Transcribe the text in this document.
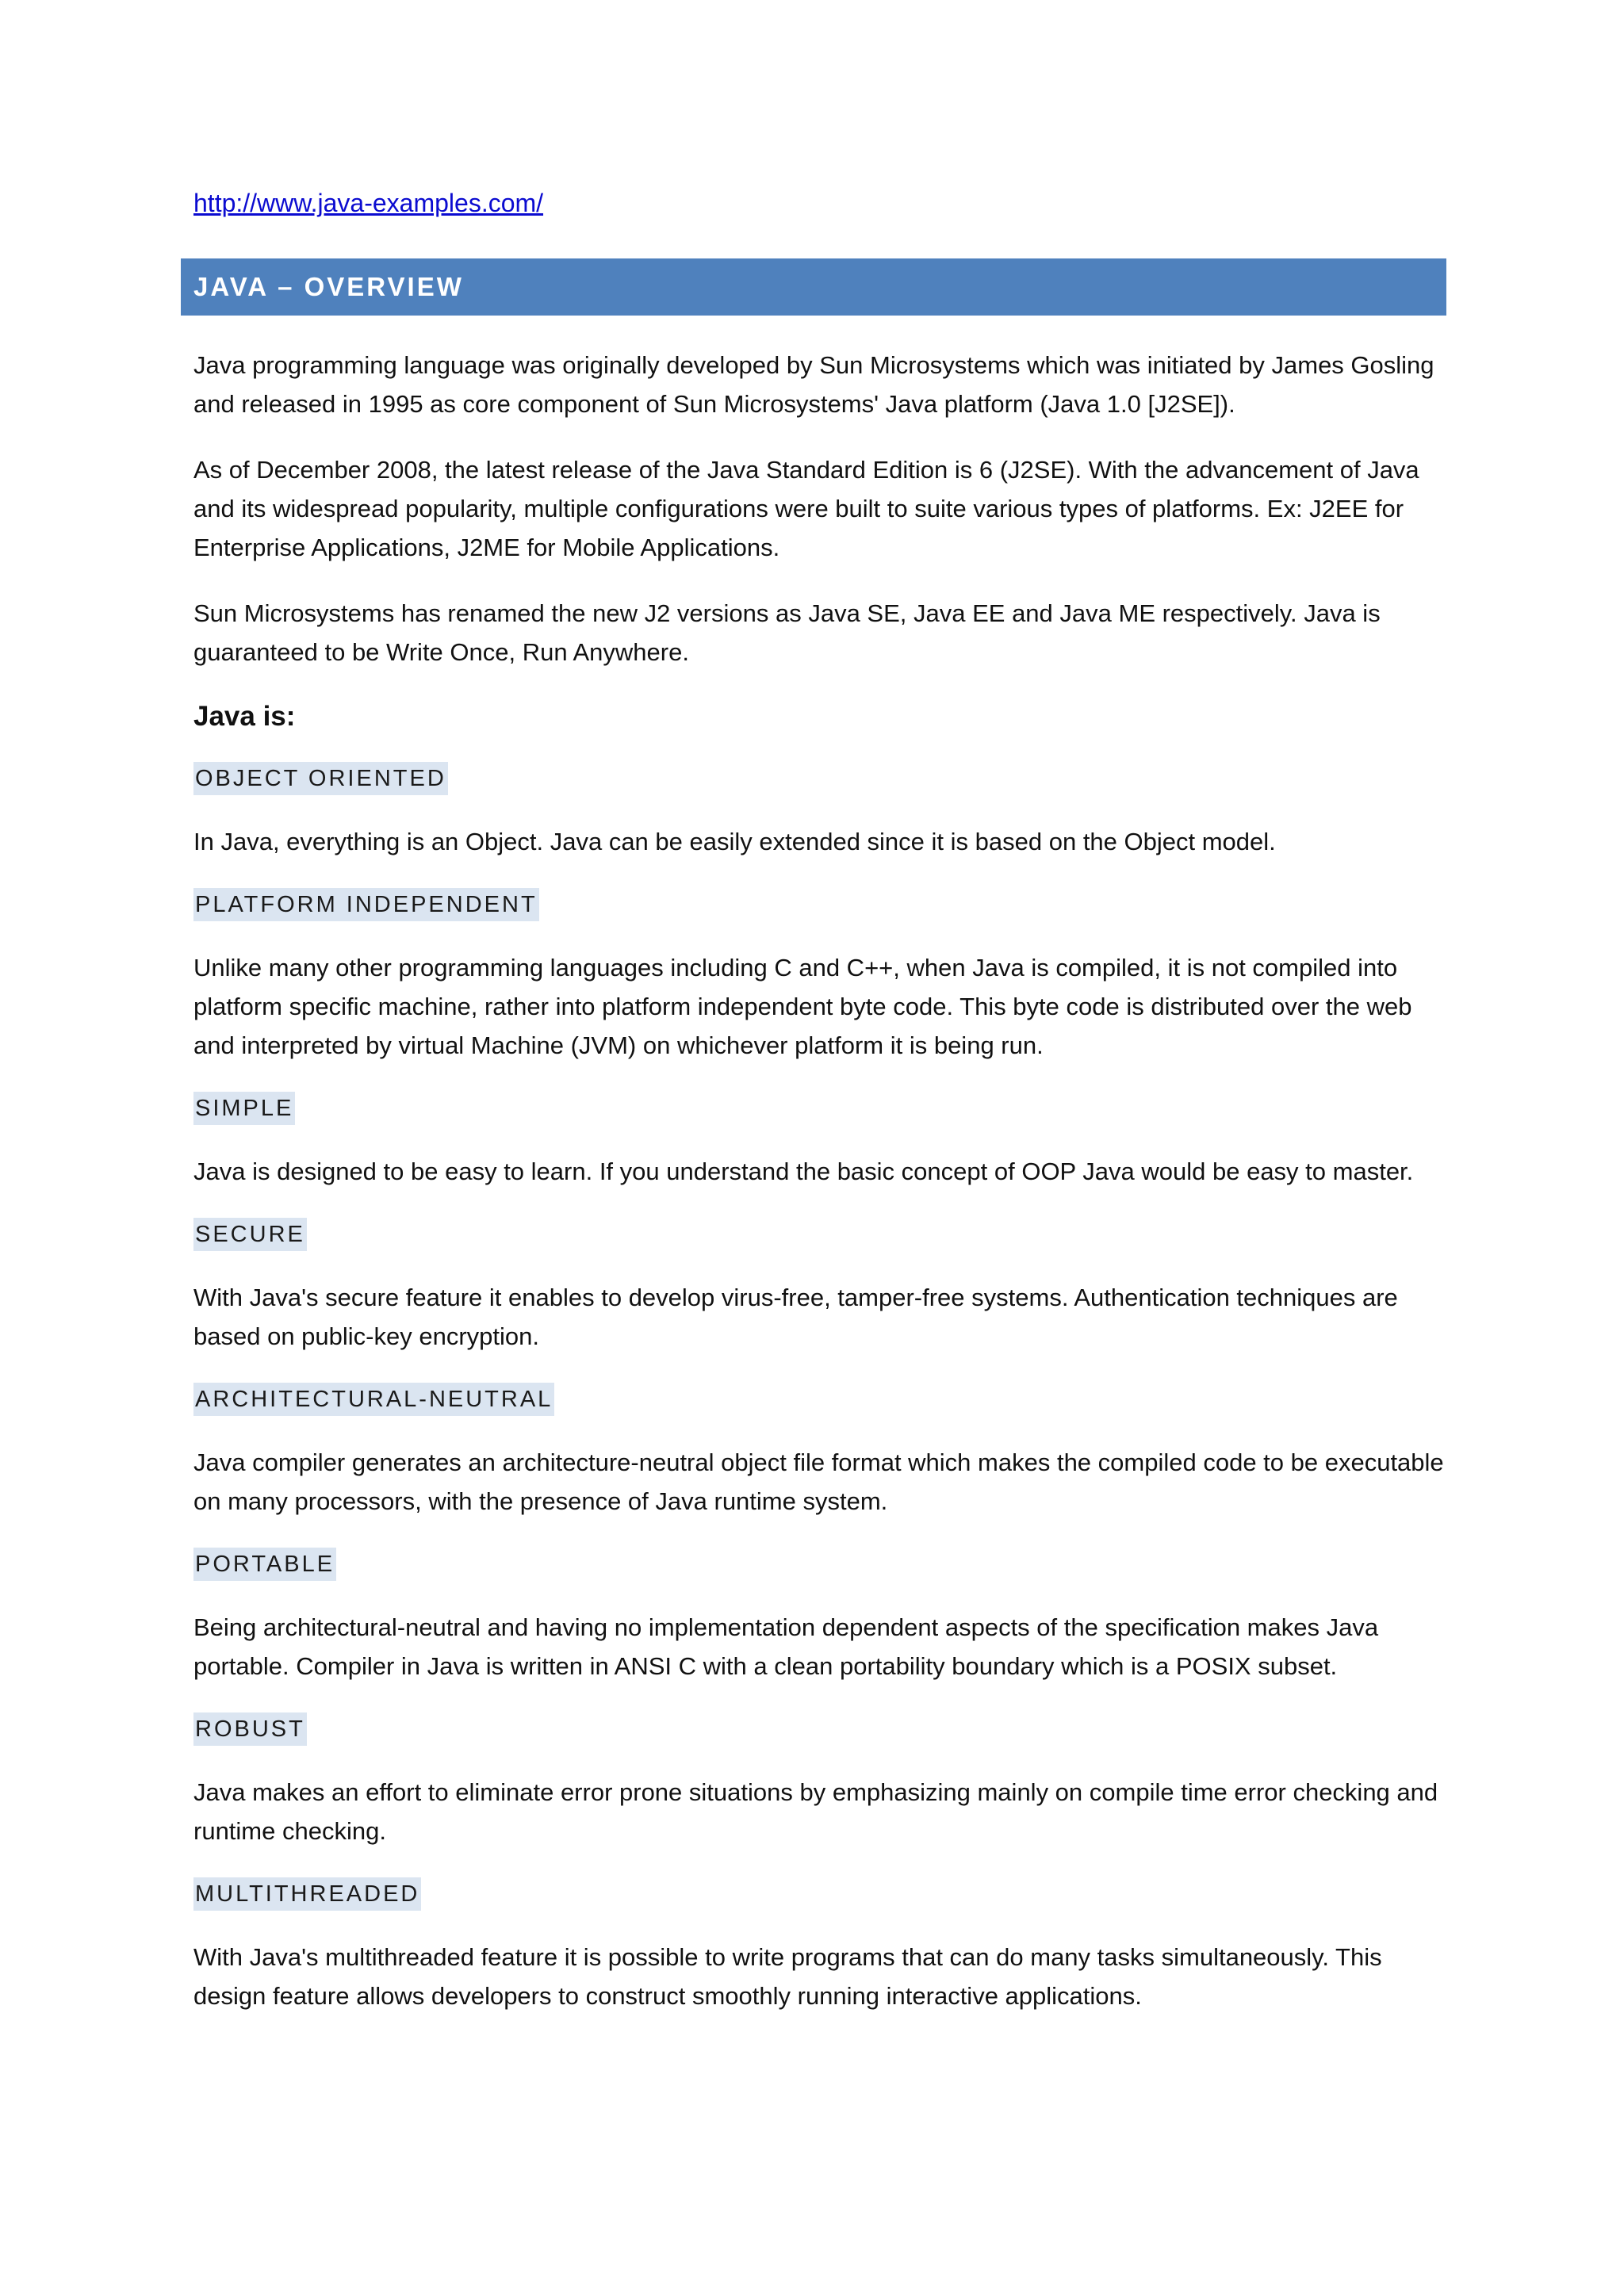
http://www.java-examples.com/
JAVA – OVERVIEW

Java programming language was originally developed by Sun Microsystems which was initiated by James Gosling and released in 1995 as core component of Sun Microsystems' Java platform (Java 1.0 [J2SE]).

As of December 2008, the latest release of the Java Standard Edition is 6 (J2SE). With the advancement of Java and its widespread popularity, multiple configurations were built to suite various types of platforms. Ex: J2EE for Enterprise Applications, J2ME for Mobile Applications.

Sun Microsystems has renamed the new J2 versions as Java SE, Java EE and Java ME respectively. Java is guaranteed to be Write Once, Run Anywhere.

Java is:
OBJECT ORIENTED

In Java, everything is an Object. Java can be easily extended since it is based on the Object model.

PLATFORM INDEPENDENT

Unlike many other programming languages including C and C++, when Java is compiled, it is not compiled into platform specific machine, rather into platform independent byte code. This byte code is distributed over the web and interpreted by virtual Machine (JVM) on whichever platform it is being run.

SIMPLE

Java is designed to be easy to learn. If you understand the basic concept of OOP Java would be easy to master.

SECURE

With Java's secure feature it enables to develop virus-free, tamper-free systems. Authentication techniques are based on public-key encryption.

ARCHITECTURAL-NEUTRAL

Java compiler generates an architecture-neutral object file format which makes the compiled code to be executable on many processors, with the presence of Java runtime system.

PORTABLE

Being architectural-neutral and having no implementation dependent aspects of the specification makes Java portable. Compiler in Java is written in ANSI C with a clean portability boundary which is a POSIX subset.

ROBUST

Java makes an effort to eliminate error prone situations by emphasizing mainly on compile time error checking and runtime checking.

MULTITHREADED

With Java's multithreaded feature it is possible to write programs that can do many tasks simultaneously. This design feature allows developers to construct smoothly running interactive applications.
